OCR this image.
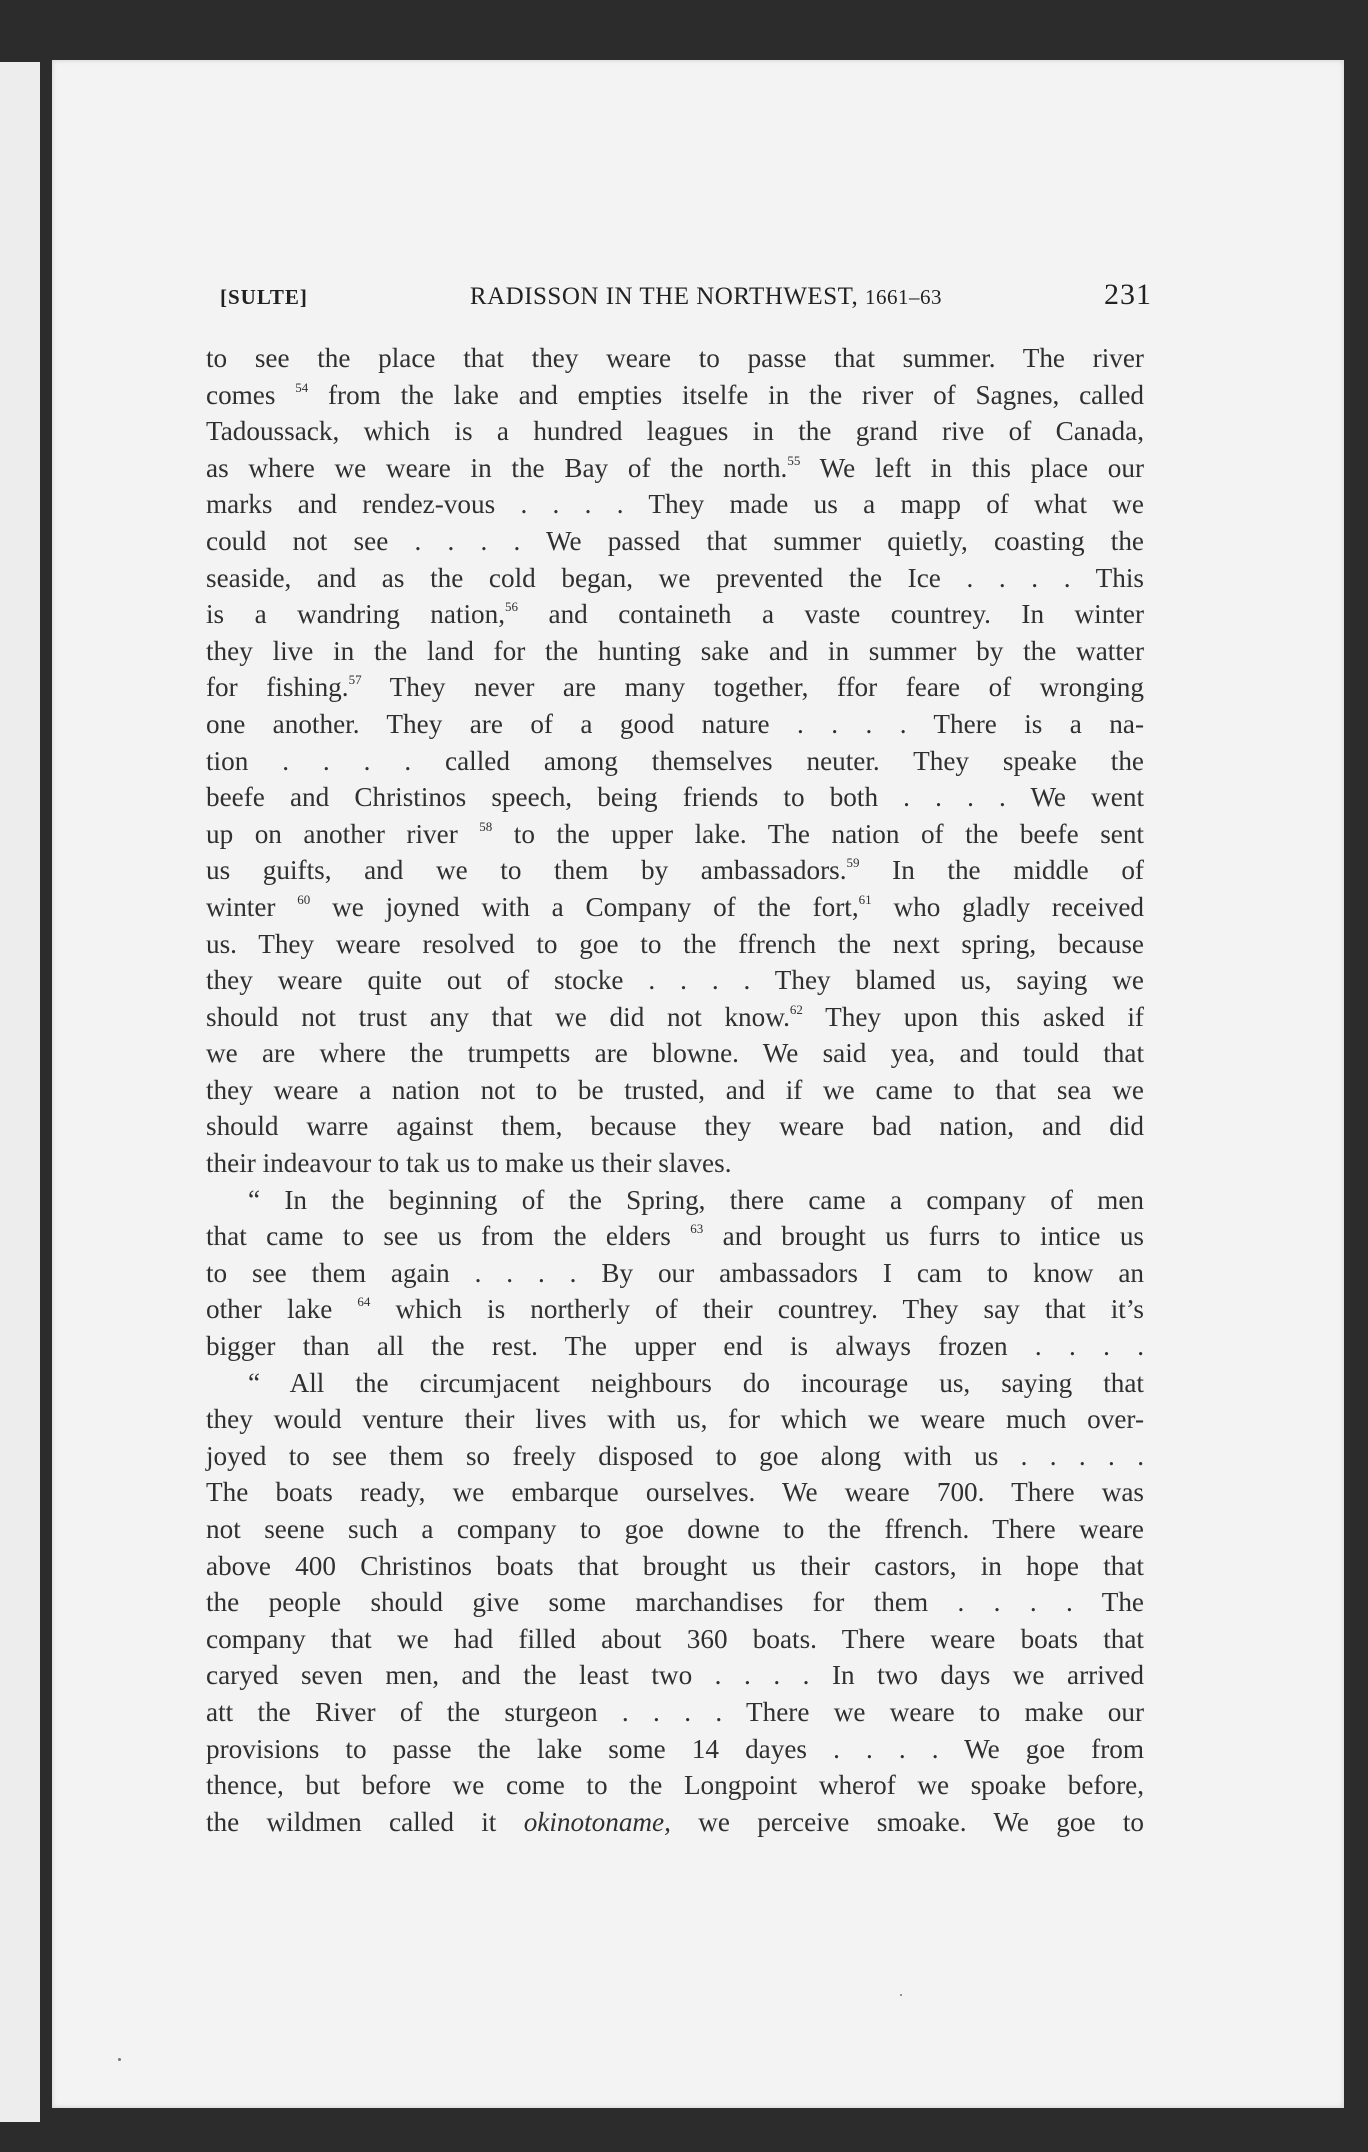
[SULTE]	RADISSON IN THE NORTHWEST, 1661–63	231
to see the place that they weare to passe that summer. The river
comes $^{54}$ from the lake and empties itselfe in the river of Sagnes, called
Tadoussack, which is a hundred leagues in the grand rive of Canada,
as where we weare in the Bay of the north.$^{55}$ We left in this place our
marks and rendez-vous . . . . They made us a mapp of what we
could not see . . . . We passed that summer quietly, coasting the
seaside, and as the cold began, we prevented the Ice . . . . This
is a wandring nation,$^{56}$ and containeth a vaste countrey. In winter
they live in the land for the hunting sake and in summer by the watter
for fishing.$^{57}$ They never are many together, ffor feare of wronging
one another. They are of a good nature . . . . There is a na-
tion . . . . called among themselves neuter. They speake the
beefe and Christinos speech, being friends to both . . . . We went
up on another river $^{58}$ to the upper lake. The nation of the beefe sent
us guifts, and we to them by ambassadors.$^{59}$ In the middle of
winter $^{60}$ we joyned with a Company of the fort,$^{61}$ who gladly received
us. They weare resolved to goe to the ffrench the next spring, because
they weare quite out of stocke . . . . They blamed us, saying we
should not trust any that we did not know.$^{62}$ They upon this asked if
we are where the trumpetts are blowne. We said yea, and tould that
they weare a nation not to be trusted, and if we came to that sea we
should warre against them, because they weare bad nation, and did
their indeavour to tak us to make us their slaves.
“ In the beginning of the Spring, there came a company of men
that came to see us from the elders $^{63}$ and brought us furrs to intice us
to see them again . . . . By our ambassadors I cam to know an
other lake $^{64}$ which is northerly of their countrey. They say that it’s
bigger than all the rest. The upper end is always frozen . . . .
“ All the circumjacent neighbours do incourage us, saying that
they would venture their lives with us, for which we weare much over-
joyed to see them so freely disposed to goe along with us . . . . .
The boats ready, we embarque ourselves. We weare 700. There was
not seene such a company to goe downe to the ffrench. There weare
above 400 Christinos boats that brought us their castors, in hope that
the people should give some marchandises for them . . . . The
company that we had filled about 360 boats. There weare boats that
caryed seven men, and the least two . . . . In two days we arrived
att the River of the sturgeon . . . . There we weare to make our
provisions to passe the lake some 14 dayes . . . . We goe from
thence, but before we come to the Longpoint wherof we spoake before,
the wildmen called it okinotoname, we perceive smoake. We goe to
